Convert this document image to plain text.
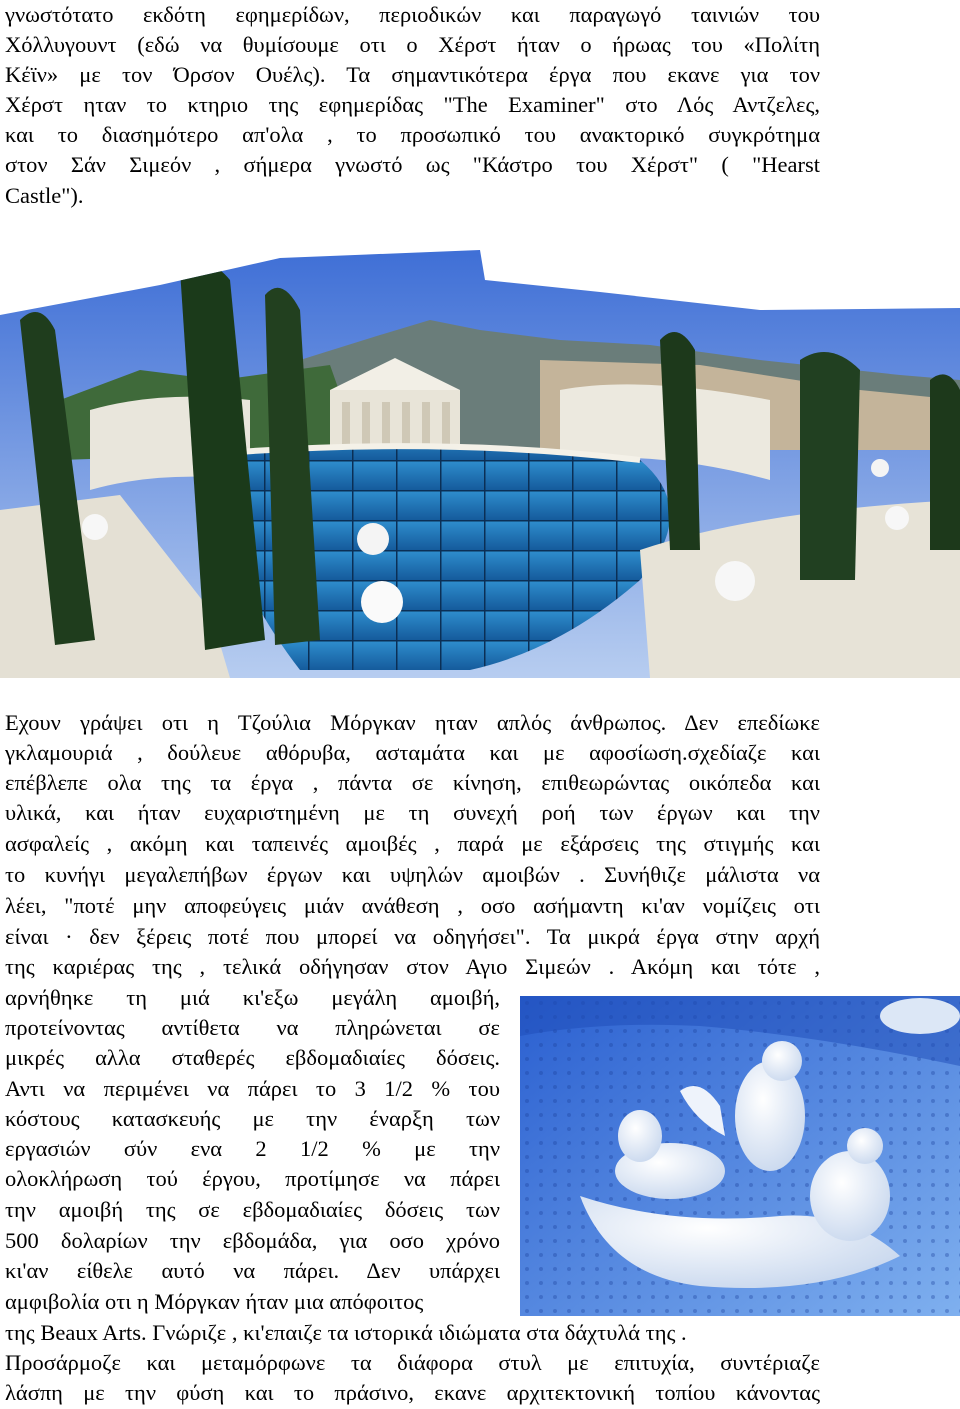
γνωστότατο εκδότη εφημερίδων, περιοδικών και παραγωγό ταινιών του
Χόλλυγουντ (εδώ να θυμίσουμε οτι ο Χέρστ ήταν ο ήρωας του «Πολίτη
Κέϊν» με τον Όρσον Ουέλς). Τα σημαντικότερα έργα που εκανε για τον
Χέρστ ηταν το κτηριο της εφημερίδας "The Examiner" στο Λός Αντζελες,
και το διασημότερο απ'ολα , το προσωπικό του ανακτορικό συγκρότημα
στον Σάν Σιμεόν , σήμερα γνωστό ως "Κάστρο του Χέρστ" ( "Hearst
Castle").
Εχουν γράψει οτι η Τζούλια Μόργκαν ηταν απλός άνθρωπος. Δεν επεδίωκε
γκλαμουριά , δούλευε αθόρυβα, ασταμάτα και με αφοσίωση.σχεδίαζε και
επέβλεπε ολα της τα έργα , πάντα σε κίνηση, επιθεωρώντας οικόπεδα και
υλικά, και ήταν ευχαριστημένη με τη συνεχή ροή των έργων και την
ασφαλείς , ακόμη και ταπεινές αμοιβές , παρά με εξάρσεις της στιγμής και
το κυνήγι μεγαλεπήβων έργων και υψηλών αμοιβών . Συνήθιζε μάλιστα να
λέει, "ποτέ μην αποφεύγεις μιάν ανάθεση , οσο ασήμαντη κι'αν νομίζεις οτι
είναι · δεν ξέρεις ποτέ που μπορεί να οδηγήσει". Τα μικρά έργα στην αρχή
της καριέρας της , τελικά οδήγησαν στον Αγιο Σιμεών . Ακόμη και τότε ,
αρνήθηκε τη μιά κι'εξω μεγάλη αμοιβή,
προτείνοντας αντίθετα να πληρώνεται σε
μικρές αλλα σταθερές εβδομαδιαίες δόσεις.
Αντι να περιμένει να πάρει το 3 1/2 % του
κόστους κατασκευής με την έναρξη των
εργασιών σύν ενα 2 1/2 % με την
ολοκλήρωση τού έργου, προτίμησε να πάρει
την αμοιβή της σε εβδομαδιαίες δόσεις των
500 δολαρίων την εβδομάδα, για οσο χρόνο
κι'αν είθελε αυτό να πάρει. Δεν υπάρχει
αμφιβολία οτι η Μόργκαν ήταν μια απόφοιτος
της Beaux Arts. Γνώριζε , κι'επαιζε τα ιστορικά ιδιώματα στα δάχτυλά της .
Προσάρμοζε και μεταμόρφωνε τα διάφορα στυλ με επιτυχία, συντέριαζε
λάσπη με την φύση και το πράσινο, εκανε αρχιτεκτονική τοπίου κάνοντας
